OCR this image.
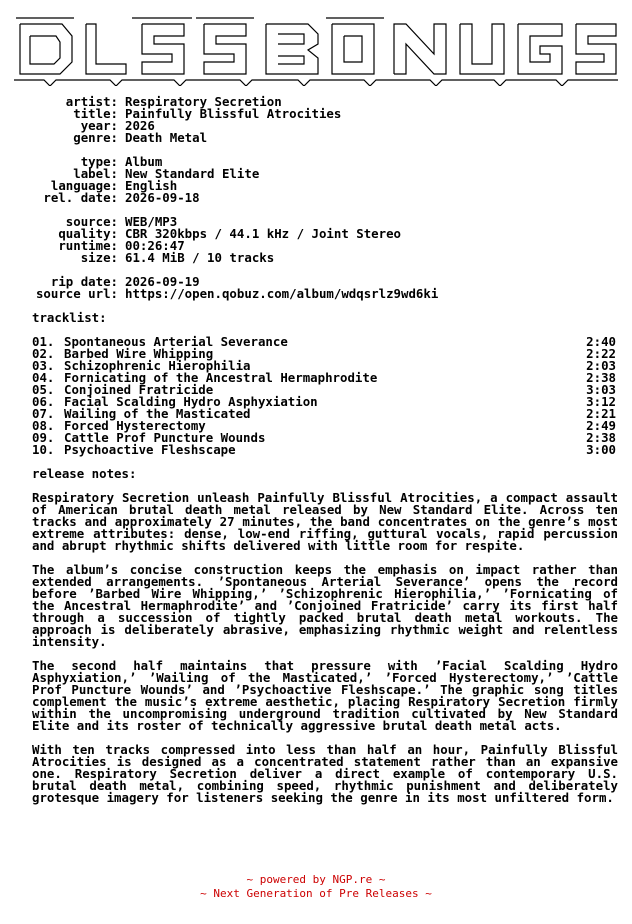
artist: Respiratory Secretion
title: Painfully Blissful Atrocities
year: 2026
genre: Death Metal
type: Album
label: New Standard Elite
language: English
rel. date: 2026-09-18
source: WEB/MP3
quality: CBR 320kbps / 44.1 kHz / Joint Stereo
runtime: 00:26:47
size: 61.4 MiB / 10 tracks
rip date: 2026-09-19
source url: https://open.qobuz.com/album/wdqsrlz9wd6ki
tracklist:
01. Spontaneous Arterial Severance	2:40
02. Barbed Wire Whipping	2:22
03. Schizophrenic Hierophilia	2:03
04. Fornicating of the Ancestral Hermaphrodite	2:38
05. Conjoined Fratricide	3:03
06. Facial Scalding Hydro Asphyxiation	3:12
07. Wailing of the Masticated	2:21
08. Forced Hysterectomy	2:49
09. Cattle Prof Puncture Wounds	2:38
10. Psychoactive Fleshscape	3:00
release notes:

Respiratory Secretion unleash Painfully Blissful Atrocities, a compact assault of American brutal death metal released by New Standard Elite. Across ten tracks and approximately 27 minutes, the band concentrates on the genre’s most extreme attributes: dense, low-end riffing, guttural vocals, rapid percussion and abrupt rhythmic shifts delivered with little room for respite.

The album’s concise construction keeps the emphasis on impact rather than extended arrangements. ’Spontaneous Arterial Severance’ opens the record before ’Barbed Wire Whipping,’ ’Schizophrenic Hierophilia,’ ’Fornicating of the Ancestral Hermaphrodite’ and ’Conjoined Fratricide’ carry its first half through a succession of tightly packed brutal death metal workouts. The approach is deliberately abrasive, emphasizing rhythmic weight and relentless intensity.

The second half maintains that pressure with ’Facial Scalding Hydro Asphyxiation,’ ’Wailing of the Masticated,’ ’Forced Hysterectomy,’ ’Cattle Prof Puncture Wounds’ and ’Psychoactive Fleshscape.’ The graphic song titles complement the music’s extreme aesthetic, placing Respiratory Secretion firmly within the uncompromising underground tradition cultivated by New Standard Elite and its roster of technically aggressive brutal death metal acts.

With ten tracks compressed into less than half an hour, Painfully Blissful Atrocities is designed as a concentrated statement rather than an expansive one. Respiratory Secretion deliver a direct example of contemporary U.S. brutal death metal, combining speed, rhythmic punishment and deliberately grotesque imagery for listeners seeking the genre in its most unfiltered form.

~ powered by NGP.re ~
~ Next Generation of Pre Releases ~
